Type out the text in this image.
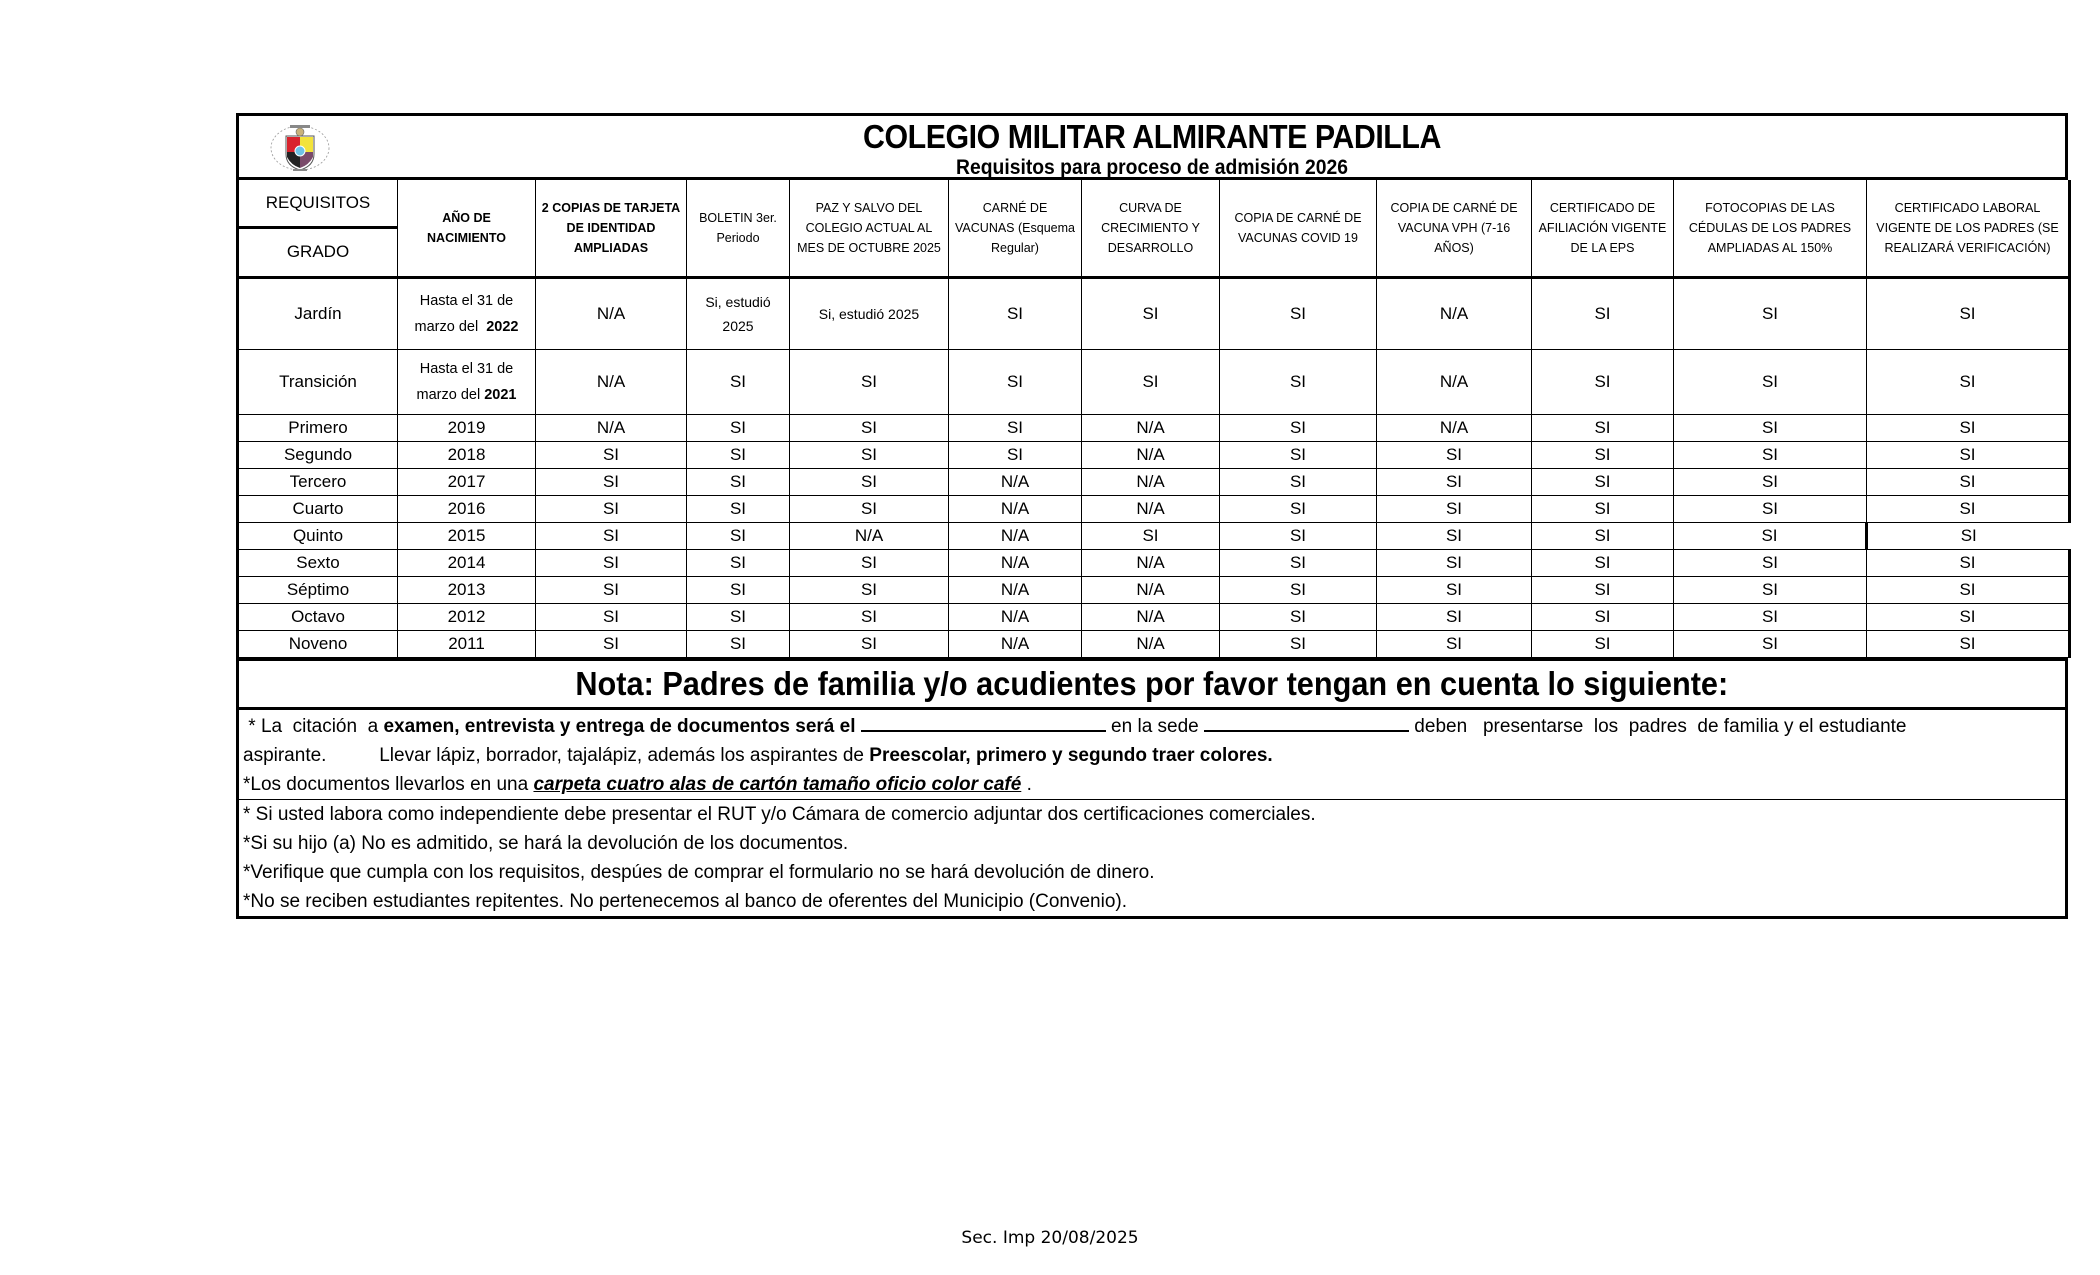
COLEGIO MILITAR ALMIRANTE PADILLA
Requisitos para proceso de admisión 2026
REQUISITOS	AÑO DE NACIMIENTO	2 COPIAS DE TARJETA DE IDENTIDAD AMPLIADAS	BOLETIN 3er. Periodo	PAZ Y SALVO DEL COLEGIO ACTUAL AL MES DE OCTUBRE 2025	CARNÉ DE VACUNAS (Esquema Regular)	CURVA DE CRECIMIENTO Y DESARROLLO	COPIA DE CARNÉ DE VACUNAS COVID 19	COPIA DE CARNÉ DE VACUNA VPH (7-16 AÑOS)	CERTIFICADO DE AFILIACIÓN VIGENTE DE LA EPS	FOTOCOPIAS DE LAS CÉDULAS DE LOS PADRES AMPLIADAS AL 150%	CERTIFICADO LABORAL VIGENTE DE LOS PADRES (SE REALIZARÁ VERIFICACIÓN)
GRADO											
Jardín	Hasta el 31 de marzo del 2022	N/A	Si, estudió 2025	Si, estudió 2025	SI	SI	SI	N/A	SI	SI	SI
Transición	Hasta el 31 de marzo del 2021	N/A	SI	SI	SI	SI	SI	N/A	SI	SI	SI
Primero	2019	N/A	SI	SI	SI	N/A	SI	N/A	SI	SI	SI
Segundo	2018	SI	SI	SI	SI	N/A	SI	SI	SI	SI	SI
Tercero	2017	SI	SI	SI	N/A	N/A	SI	SI	SI	SI	SI
Cuarto	2016	SI	SI	SI	N/A	N/A	SI	SI	SI	SI	SI
Quinto	2015	SI	SI	N/A	N/A	SI	SI	SI	SI	SI	SI
Sexto	2014	SI	SI	SI	N/A	N/A	SI	SI	SI	SI	SI
Séptimo	2013	SI	SI	SI	N/A	N/A	SI	SI	SI	SI	SI
Octavo	2012	SI	SI	SI	N/A	N/A	SI	SI	SI	SI	SI
Noveno	2011	SI	SI	SI	N/A	N/A	SI	SI	SI	SI	SI
Nota: Padres de familia y/o acudientes por favor tengan en cuenta lo siguiente:
* La  citación  a examen, entrevista y entrega de documentos será el	en la sede	deben   presentarse  los  padres  de familia y el estudiante
aspirante.          Llevar lápiz, borrador, tajalápiz, además los aspirantes de Preescolar, primero y segundo traer colores.
*Los documentos llevarlos en una carpeta cuatro alas de cartón tamaño oficio color café .
* Si usted labora como independiente debe presentar el RUT y/o Cámara de comercio adjuntar dos certificaciones comerciales.
*Si su hijo (a) No es admitido, se hará la devolución de los documentos.
*Verifique que cumpla con los requisitos, despúes de comprar el formulario no se hará devolución de dinero.
*No se reciben estudiantes repitentes. No pertenecemos al banco de oferentes del Municipio (Convenio).
Sec. Imp 20/08/2025
